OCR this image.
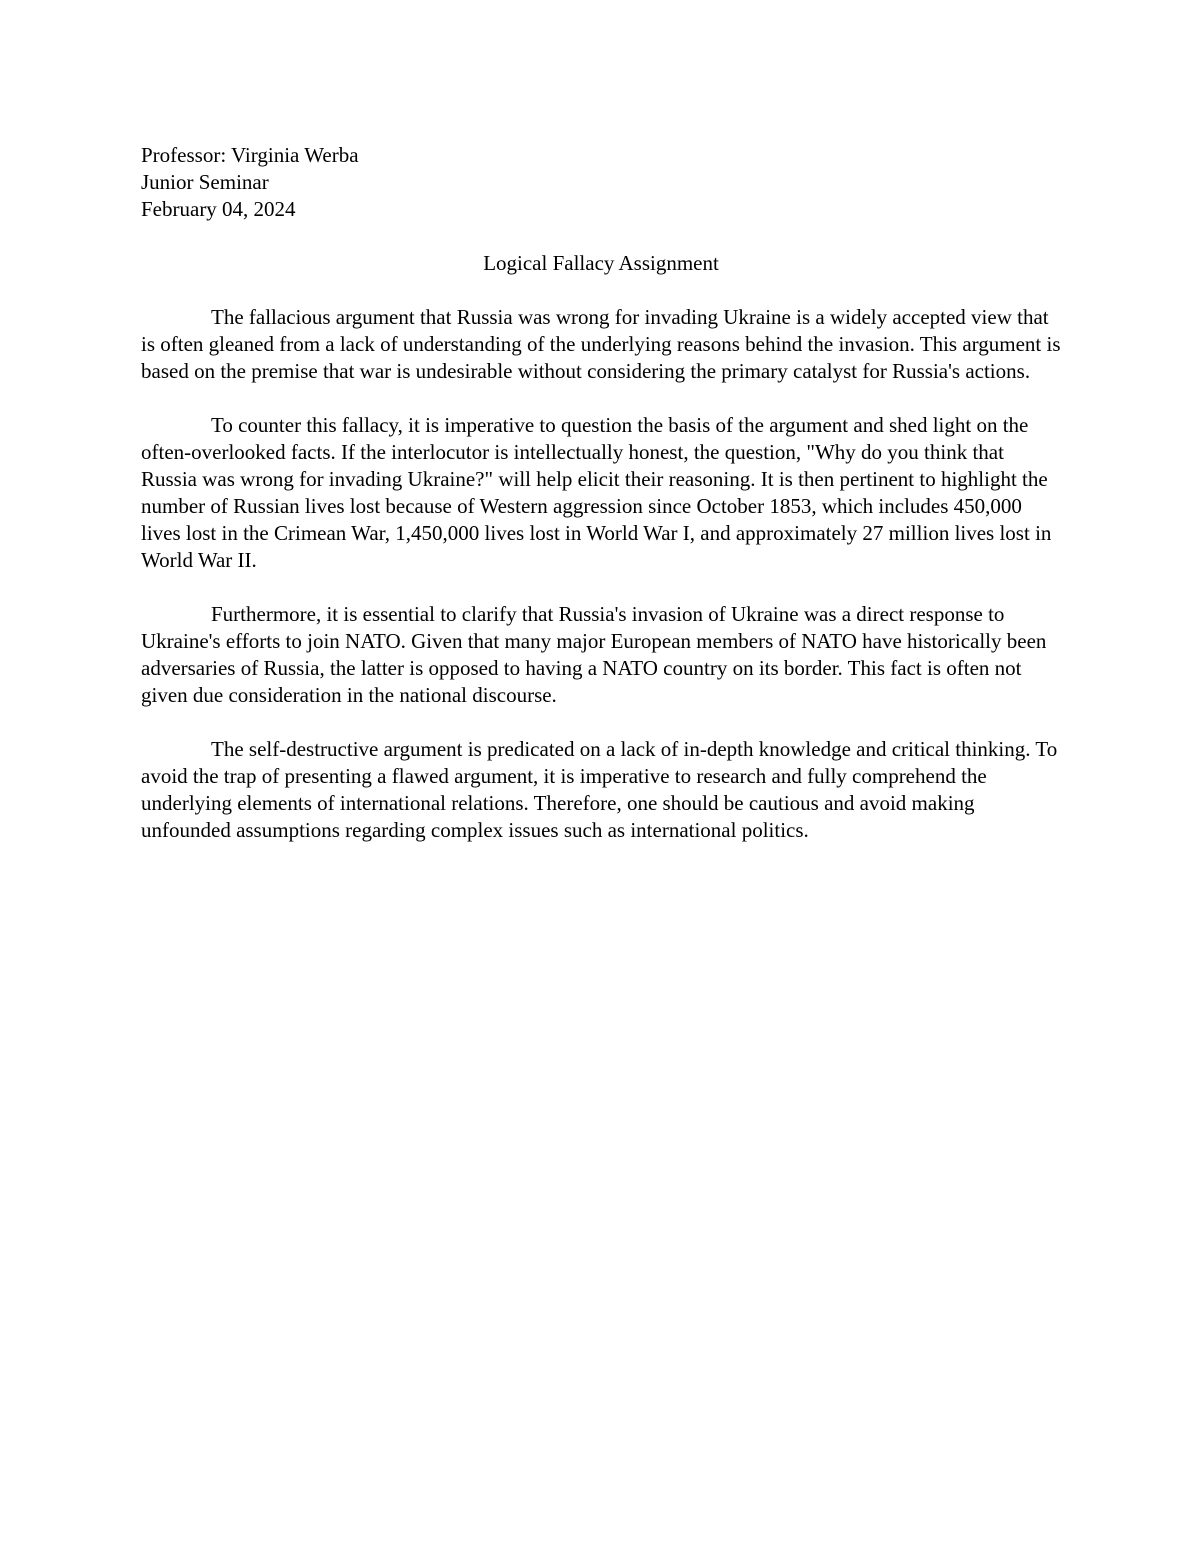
Professor: Virginia Werba

Junior Seminar

February 04, 2024

Logical Fallacy Assignment

The fallacious argument that Russia was wrong for invading Ukraine is a widely accepted view that is often gleaned from a lack of understanding of the underlying reasons behind the invasion. This argument is based on the premise that war is undesirable without considering the primary catalyst for Russia's actions.

To counter this fallacy, it is imperative to question the basis of the argument and shed light on the often-overlooked facts. If the interlocutor is intellectually honest, the question, "Why do you think that Russia was wrong for invading Ukraine?" will help elicit their reasoning. It is then pertinent to highlight the number of Russian lives lost because of Western aggression since October 1853, which includes 450,000 lives lost in the Crimean War, 1,450,000 lives lost in World War I, and approximately 27 million lives lost in World War II.

Furthermore, it is essential to clarify that Russia's invasion of Ukraine was a direct response to Ukraine's efforts to join NATO. Given that many major European members of NATO have historically been adversaries of Russia, the latter is opposed to having a NATO country on its border. This fact is often not given due consideration in the national discourse.

The self-destructive argument is predicated on a lack of in-depth knowledge and critical thinking. To avoid the trap of presenting a flawed argument, it is imperative to research and fully comprehend the underlying elements of international relations. Therefore, one should be cautious and avoid making unfounded assumptions regarding complex issues such as international politics.
